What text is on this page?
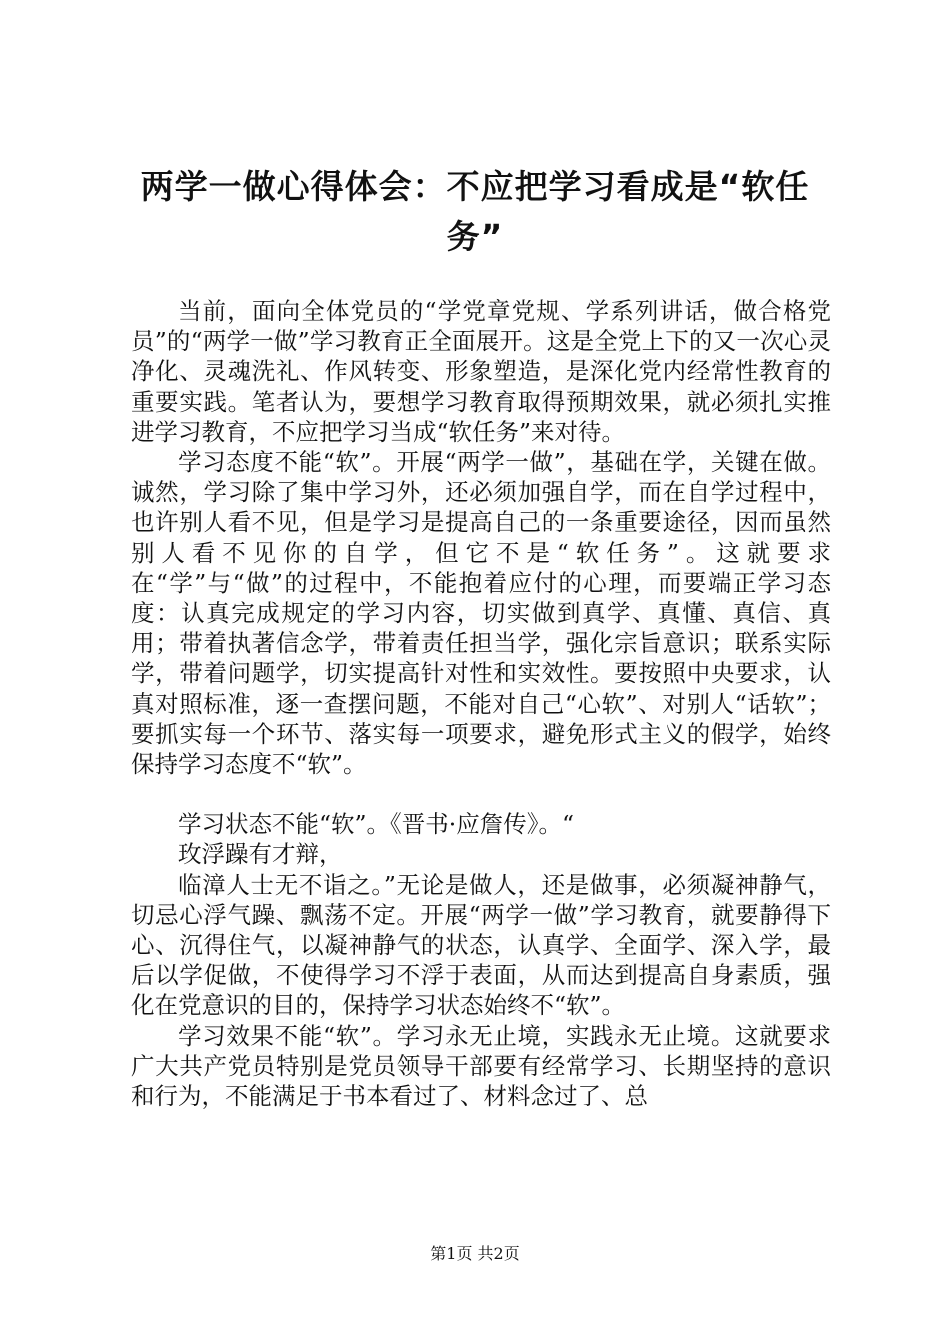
两学一做心得体会：不应把学习看成是“软任务”

当前，面向全体党员的“学党章党规、学系列讲话，做合格党员”的“两学一做”学习教育正全面展开。这是全党上下的又一次心灵净化、灵魂洗礼、作风转变、形象塑造，是深化党内经常性教育的重要实践。笔者认为，要想学习教育取得预期效果，就必须扎实推进学习教育，不应把学习当成“软任务”来对待。

学习态度不能“软”。开展“两学一做”，基础在学，关键在做。诚然，学习除了集中学习外，还必须加强自学，而在自学过程中，也许别人看不见，但是学习是提高自己的一条重要途径，因而虽然别人看不见你的自学，但它不是“软任务”。这就要求在“学”与“做”的过程中，不能抱着应付的心理，而要端正学习态度：认真完成规定的学习内容，切实做到真学、真懂、真信、真用；带着执著信念学，带着责任担当学，强化宗旨意识；联系实际学，带着问题学，切实提高针对性和实效性。要按照中央要求，认真对照标准，逐一查摆问题，不能对自己“心软”、对别人“话软”；要抓实每一个环节、落实每一项要求，避免形式主义的假学，始终保持学习态度不“软”。

学习状态不能“软”。《晋书·应詹传》。“

玫浮躁有才辩，

临漳人士无不诣之。”无论是做人，还是做事，必须凝神静气，切忌心浮气躁、飘荡不定。开展“两学一做”学习教育，就要静得下心、沉得住气，以凝神静气的状态，认真学、全面学、深入学，最后以学促做，不使得学习不浮于表面，从而达到提高自身素质，强化在党意识的目的，保持学习状态始终不“软”。

学习效果不能“软”。学习永无止境，实践永无止境。这就要求广大共产党员特别是党员领导干部要有经常学习、长期坚持的意识和行为，不能满足于书本看过了、材料念过了、总

第1页 共2页
